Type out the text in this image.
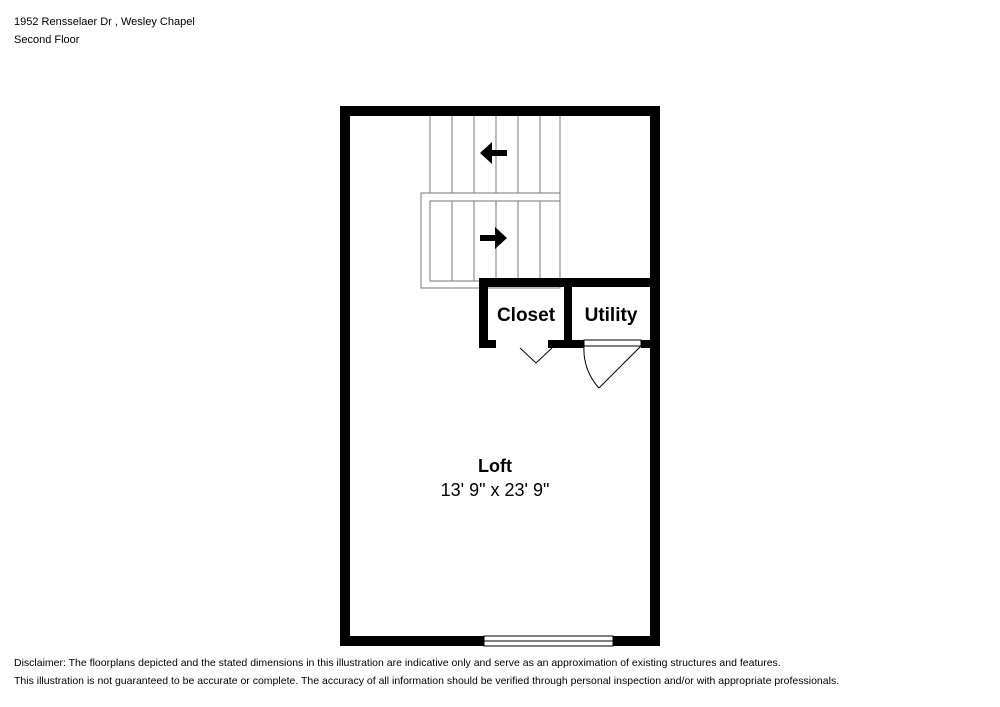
1952 Rensselaer Dr , Wesley Chapel
Second Floor
Closet Utility
Loft
13' 9" x 23' 9"
Disclaimer: The floorplans depicted and the stated dimensions in this illustration are indicative only and serve as an approximation of existing structures and features.
This illustration is not guaranteed to be accurate or complete. The accuracy of all information should be verified through personal inspection and/or with appropriate professionals.
